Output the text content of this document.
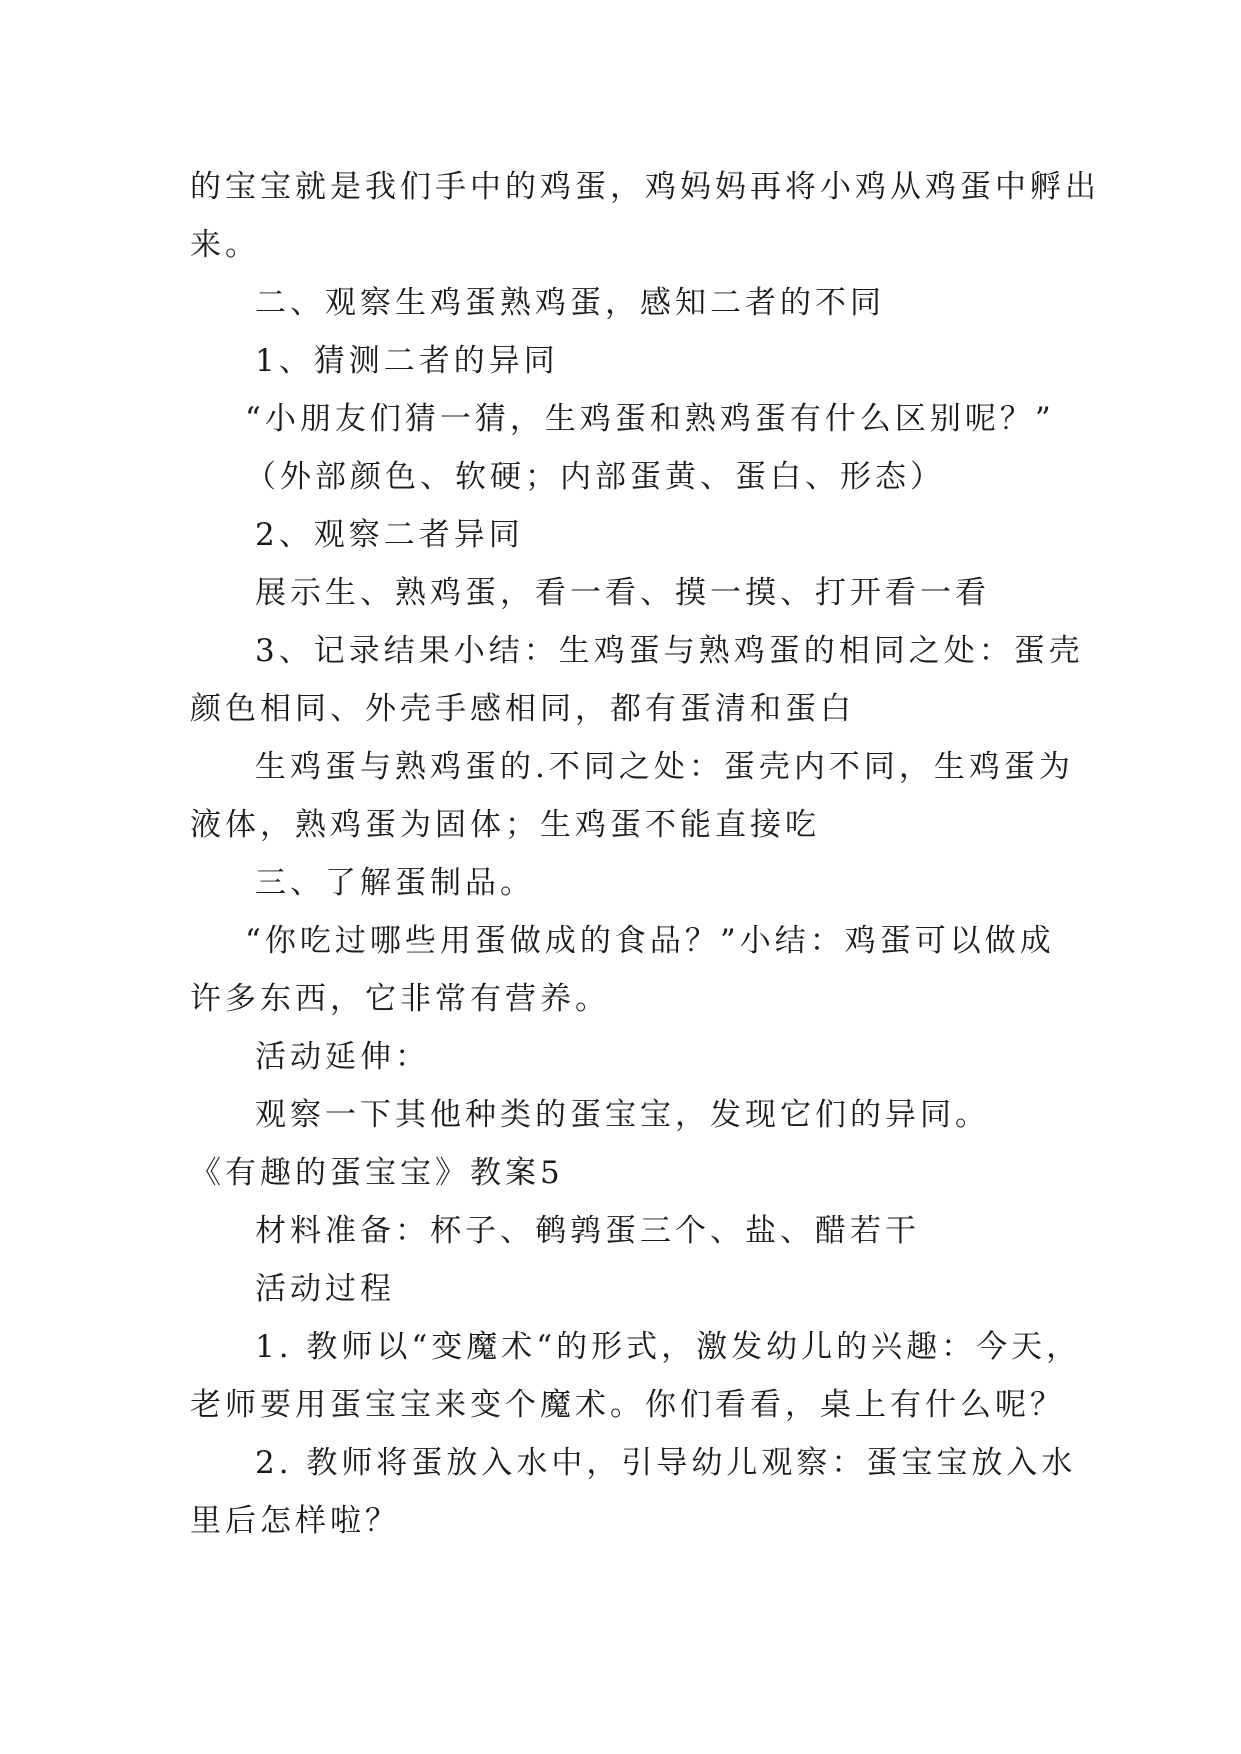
的宝宝就是我们手中的鸡蛋，鸡妈妈再将小鸡从鸡蛋中孵出
来。
二、观察生鸡蛋熟鸡蛋，感知二者的不同
1、猜测二者的异同
“小朋友们猜一猜，生鸡蛋和熟鸡蛋有什么区别呢？”
（外部颜色、软硬；内部蛋黄、蛋白、形态）
2、观察二者异同
展示生、熟鸡蛋，看一看、摸一摸、打开看一看
3、记录结果小结：生鸡蛋与熟鸡蛋的相同之处：蛋壳
颜色相同、外壳手感相同，都有蛋清和蛋白
生鸡蛋与熟鸡蛋的.不同之处：蛋壳内不同，生鸡蛋为
液体，熟鸡蛋为固体；生鸡蛋不能直接吃
三、了解蛋制品。
“你吃过哪些用蛋做成的食品？”小结：鸡蛋可以做成
许多东西，它非常有营养。
活动延伸：
观察一下其他种类的蛋宝宝，发现它们的异同。
《有趣的蛋宝宝》教案5
材料准备：杯子、鹌鹑蛋三个、盐、醋若干
活动过程
1. 教师以“变魔术“的形式，激发幼儿的兴趣：今天，
老师要用蛋宝宝来变个魔术。你们看看，桌上有什么呢？
2. 教师将蛋放入水中，引导幼儿观察：蛋宝宝放入水
里后怎样啦？
